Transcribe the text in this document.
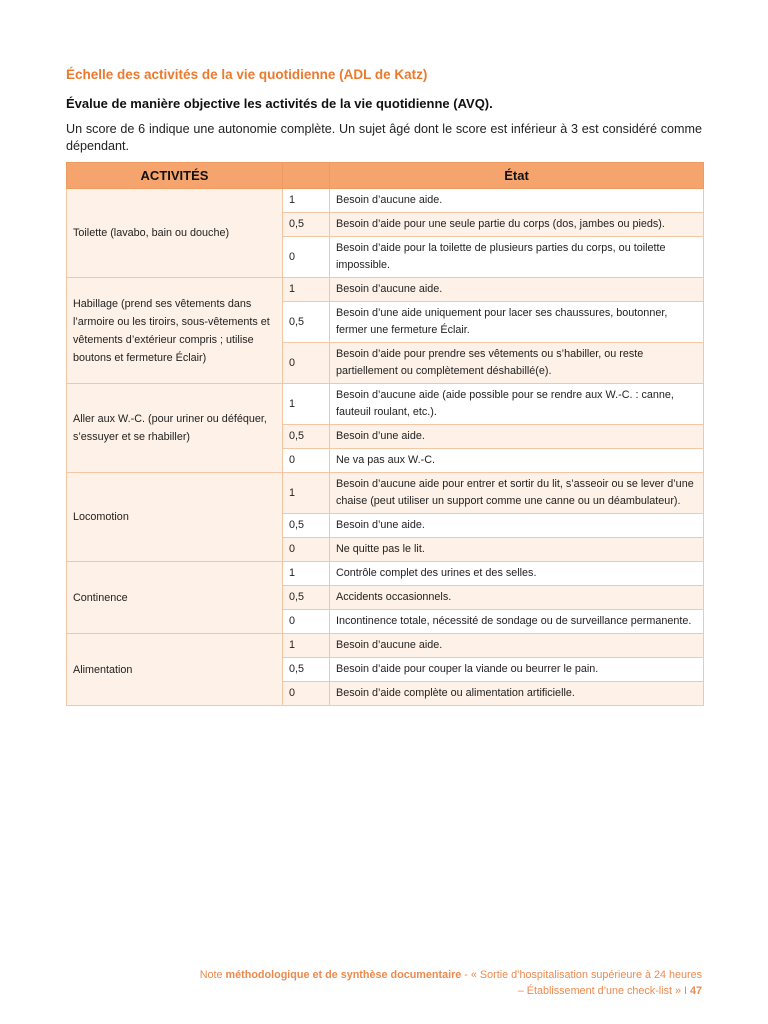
Échelle des activités de la vie quotidienne (ADL de Katz)

Évalue de manière objective les activités de la vie quotidienne (AVQ).

Un score de 6 indique une autonomie complète. Un sujet âgé dont le score est inférieur à 3 est considéré comme dépendant.

ACTIVITÉS		État
Toilette (lavabo, bain ou douche)	1	Besoin d’aucune aide.
	0,5	Besoin d’aide pour une seule partie du corps (dos, jambes ou pieds).
	0	Besoin d’aide pour la toilette de plusieurs parties du corps, ou toilette impossible.
Habillage (prend ses vêtements dans l’armoire ou les tiroirs, sous-vêtements et vêtements d’extérieur compris ; utilise boutons et fermeture Éclair)	1	Besoin d’aucune aide.
	0,5	Besoin d’une aide uniquement pour lacer ses chaussures, boutonner, fermer une fermeture Éclair.
	0	Besoin d’aide pour prendre ses vêtements ou s’habiller, ou reste partiellement ou complètement déshabillé(e).
Aller aux W.-C. (pour uriner ou déféquer, s’essuyer et se rhabiller)	1	Besoin d’aucune aide (aide possible pour se rendre aux W.-C. : canne, fauteuil roulant, etc.).
	0,5	Besoin d’une aide.
	0	Ne va pas aux W.-C.
Locomotion	1	Besoin d’aucune aide pour entrer et sortir du lit, s’asseoir ou se lever d’une chaise (peut utiliser un support comme une canne ou un déambulateur).
	0,5	Besoin d’une aide.
	0	Ne quitte pas le lit.
Continence	1	Contrôle complet des urines et des selles.
	0,5	Accidents occasionnels.
	0	Incontinence totale, nécessité de sondage ou de surveillance permanente.
Alimentation	1	Besoin d’aucune aide.
	0,5	Besoin d’aide pour couper la viande ou beurrer le pain.
	0	Besoin d’aide complète ou alimentation artificielle.
Note méthodologique et de synthèse documentaire - « Sortie d’hospitalisation supérieure à 24 heures
– Établissement d’une check-list » I 47
